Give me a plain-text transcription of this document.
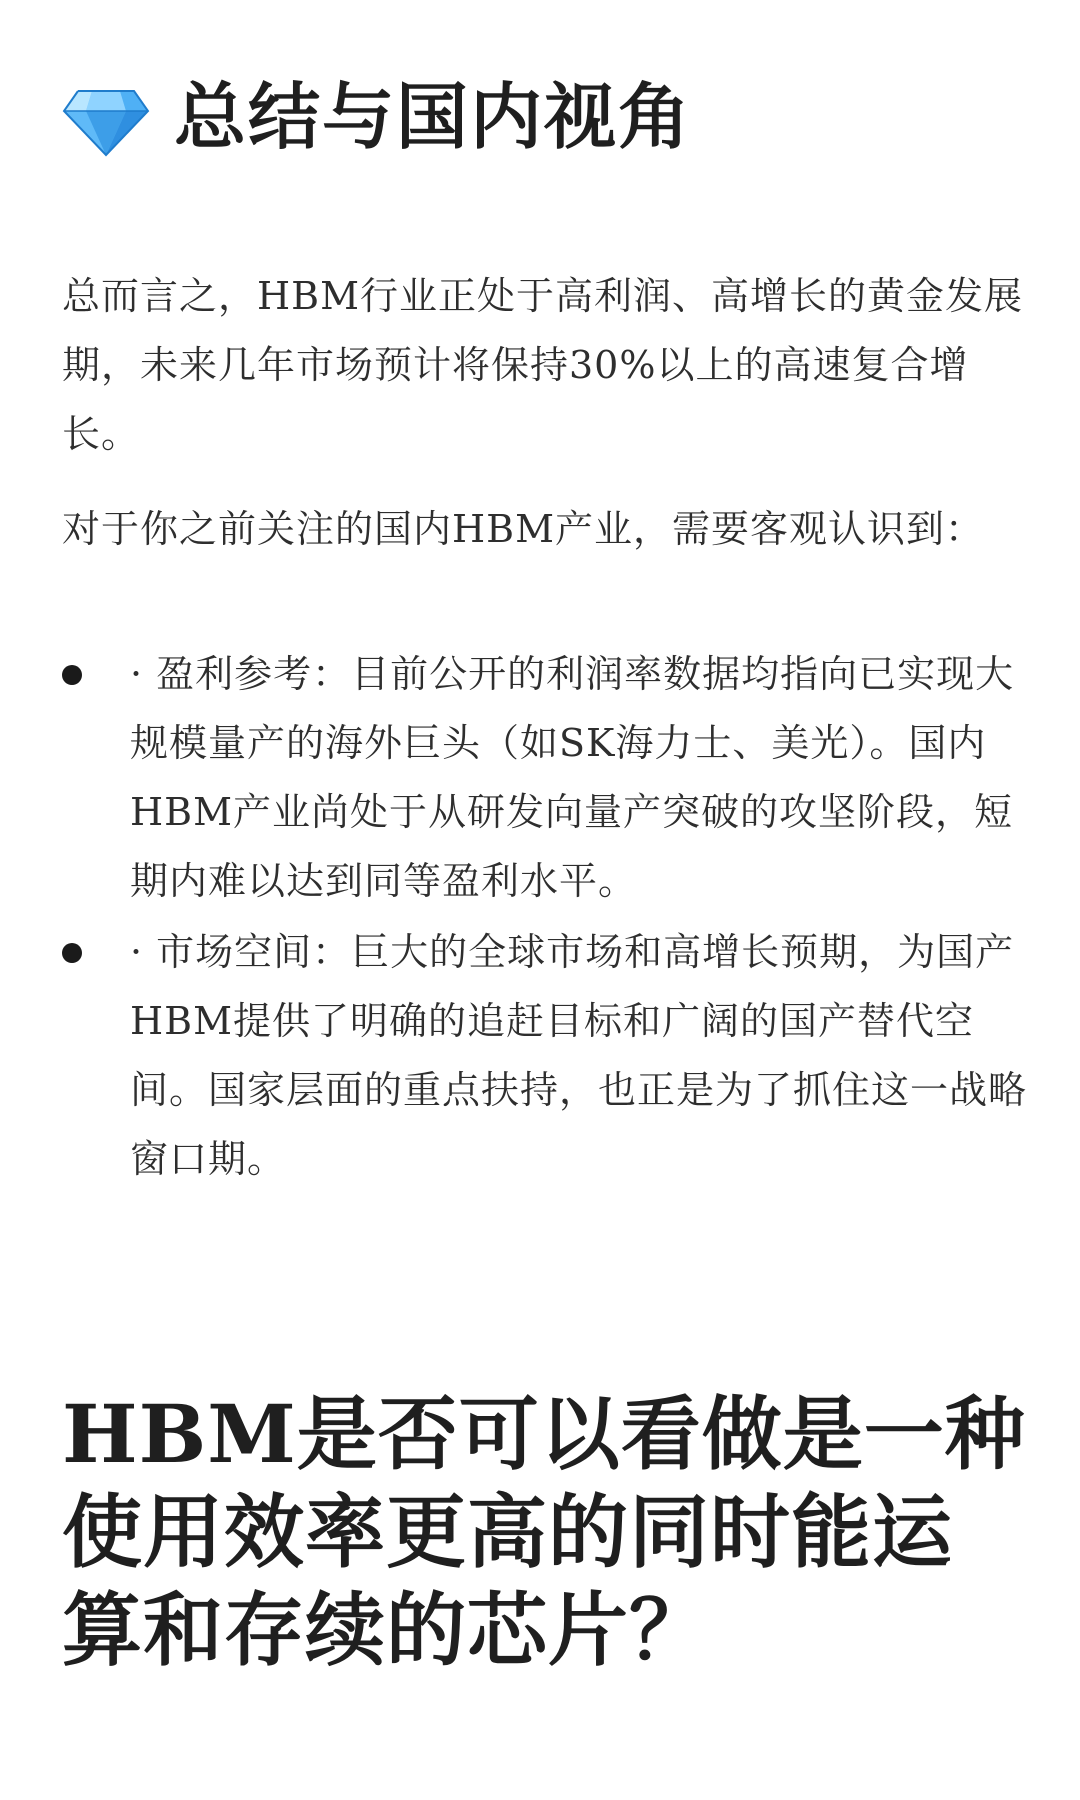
总结与国内视角

总而言之，HBM行业正处于高利润、高增长的黄金发展期，未来几年市场预计将保持30%以上的高速复合增长。

对于你之前关注的国内HBM产业，需要客观认识到：

· 盈利参考：目前公开的利润率数据均指向已实现大规模量产的海外巨头（如SK海力士、美光）。国内HBM产业尚处于从研发向量产突破的攻坚阶段，短期内难以达到同等盈利水平。
· 市场空间：巨大的全球市场和高增长预期，为国产HBM提供了明确的追赶目标和广阔的国产替代空间。国家层面的重点扶持，也正是为了抓住这一战略窗口期。
HBM是否可以看做是一种使用效率更高的同时能运算和存续的芯片？
